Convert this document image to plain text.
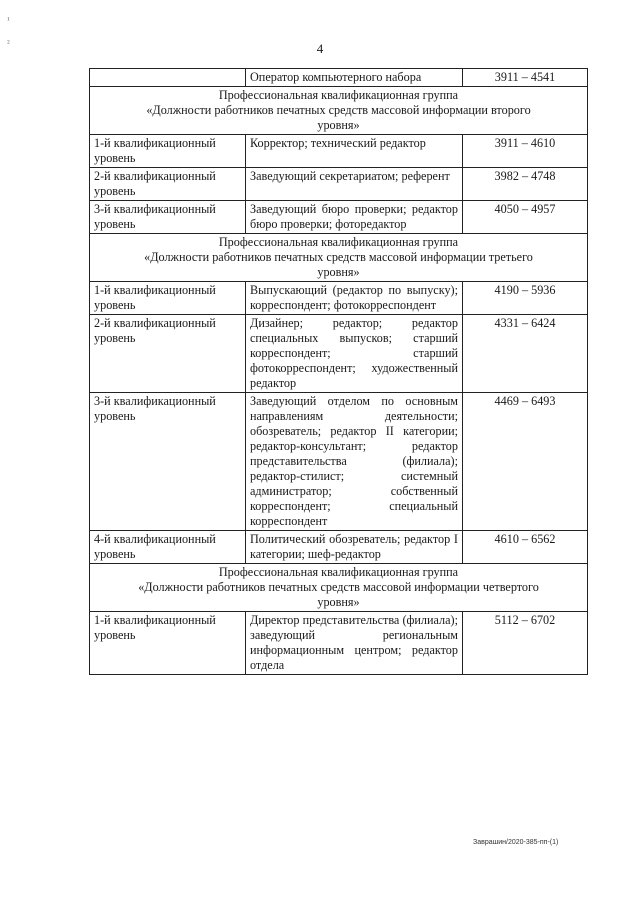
4
¹
²
	Оператор компьютерного набора	3911 – 4541

Профессиональная квалификационная группа
«Должности работников печатных средств массовой информации второго
уровня»		

1-й квалификационный
уровень	Корректор; технический редактор	3911 – 4610

2-й квалификационный
уровень	Заведующий секретариатом; референт	3982 – 4748

3-й квалификационный
уровень	Заведующий бюро проверки; редактор бюро проверки; фоторедактор	4050 – 4957

Профессиональная квалификационная группа
«Должности работников печатных средств массовой информации третьего
уровня»		

1-й квалификационный
уровень	Выпускающий (редактор по выпуску); корреспондент; фотокорреспондент	4190 – 5936

2-й квалификационный
уровень	Дизайнер; редактор; редактор специальных выпусков; старший корреспондент; старший фотокорреспондент; художественный редактор	4331 – 6424

3-й квалификационный
уровень	Заведующий отделом по основным направлениям деятельности; обозреватель; редактор II категории; редактор-консультант; редактор представительства (филиала); редактор-стилист; системный администратор; собственный корреспондент; специальный корреспондент	4469 – 6493

4-й квалификационный
уровень	Политический обозреватель; редактор I категории; шеф-редактор	4610 – 6562

Профессиональная квалификационная группа
«Должности работников печатных средств массовой информации четвертого
уровня»		

1-й квалификационный
уровень	Директор представительства (филиала); заведующий региональным информационным центром; редактор отдела	5112 – 6702
Заврашин/2020-385-пп-(1)
